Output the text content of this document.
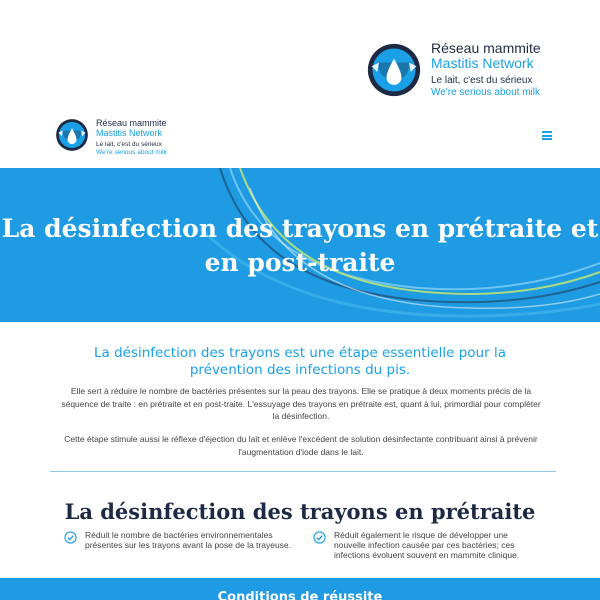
Réseau mammite
Mastitis Network
Le lait, c'est du sérieux
We're serious about milk
Réseau mammite
Mastitis Network
Le lait, c'est du sérieux
We're serious about milk
La désinfection des trayons en prétraite et en post-traite
La désinfection des trayons est une étape essentielle pour la prévention des infections du pis.
Elle sert à réduire le nombre de bactéries présentes sur la peau des trayons. Elle se pratique à deux moments précis de la séquence de traite : en prétraite et en post-traite. L'essuyage des trayons en prétraite est, quant à lui, primordial pour compléter la désinfection.
Cette étape stimule aussi le réflexe d'éjection du lait et enlève l'excédent de solution désinfectante contribuant ainsi à prévenir l'augmentation d'iode dans le lait.
La désinfection des trayons en prétraite
Réduit le nombre de bactéries environnementales présentes sur les trayons avant la pose de la trayeuse.
Réduit également le risque de développer une nouvelle infection causée par ces bactéries; ces infections évoluent souvent en mammite clinique.
Conditions de réussite
